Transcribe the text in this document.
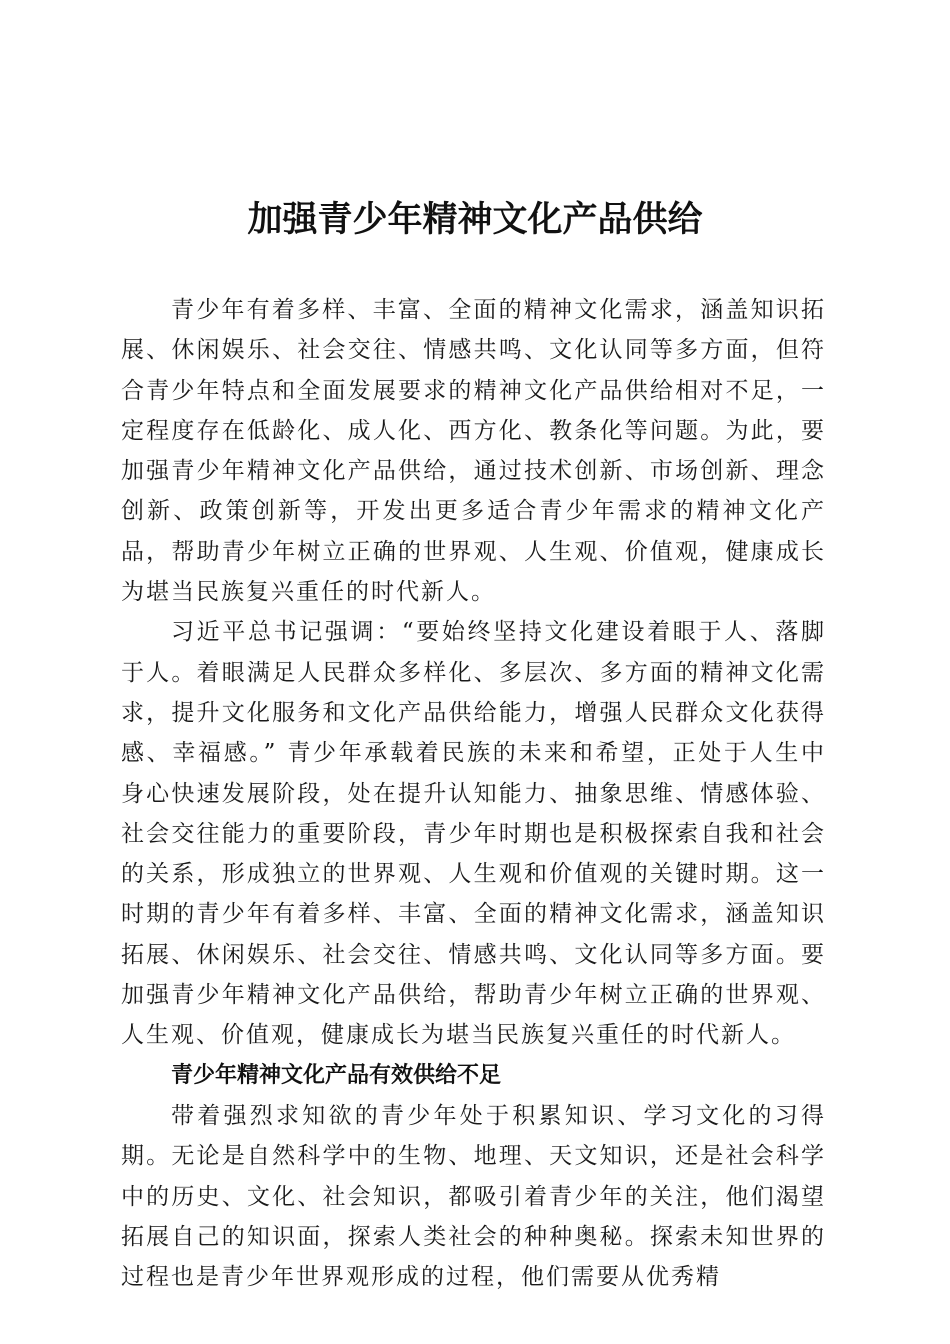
加强青少年精神文化产品供给

青少年有着多样、丰富、全面的精神文化需求，涵盖知识拓展、休闲娱乐、社会交往、情感共鸣、文化认同等多方面，但符合青少年特点和全面发展要求的精神文化产品供给相对不足，一定程度存在低龄化、成人化、西方化、教条化等问题。为此，要加强青少年精神文化产品供给，通过技术创新、市场创新、理念创新、政策创新等，开发出更多适合青少年需求的精神文化产品，帮助青少年树立正确的世界观、人生观、价值观，健康成长为堪当民族复兴重任的时代新人。

习近平总书记强调：“要始终坚持文化建设着眼于人、落脚于人。着眼满足人民群众多样化、多层次、多方面的精神文化需求，提升文化服务和文化产品供给能力，增强人民群众文化获得感、幸福感。” 青少年承载着民族的未来和希望，正处于人生中身心快速发展阶段，处在提升认知能力、抽象思维、情感体验、社会交往能力的重要阶段，青少年时期也是积极探索自我和社会的关系，形成独立的世界观、人生观和价值观的关键时期。这一时期的青少年有着多样、丰富、全面的精神文化需求，涵盖知识拓展、休闲娱乐、社会交往、情感共鸣、文化认同等多方面。要加强青少年精神文化产品供给，帮助青少年树立正确的世界观、人生观、价值观，健康成长为堪当民族复兴重任的时代新人。

青少年精神文化产品有效供给不足

带着强烈求知欲的青少年处于积累知识、学习文化的习得期。无论是自然科学中的生物、地理、天文知识，还是社会科学中的历史、文化、社会知识，都吸引着青少年的关注，他们渴望拓展自己的知识面，探索人类社会的种种奥秘。探索未知世界的过程也是青少年世界观形成的过程，他们需要从优秀精
